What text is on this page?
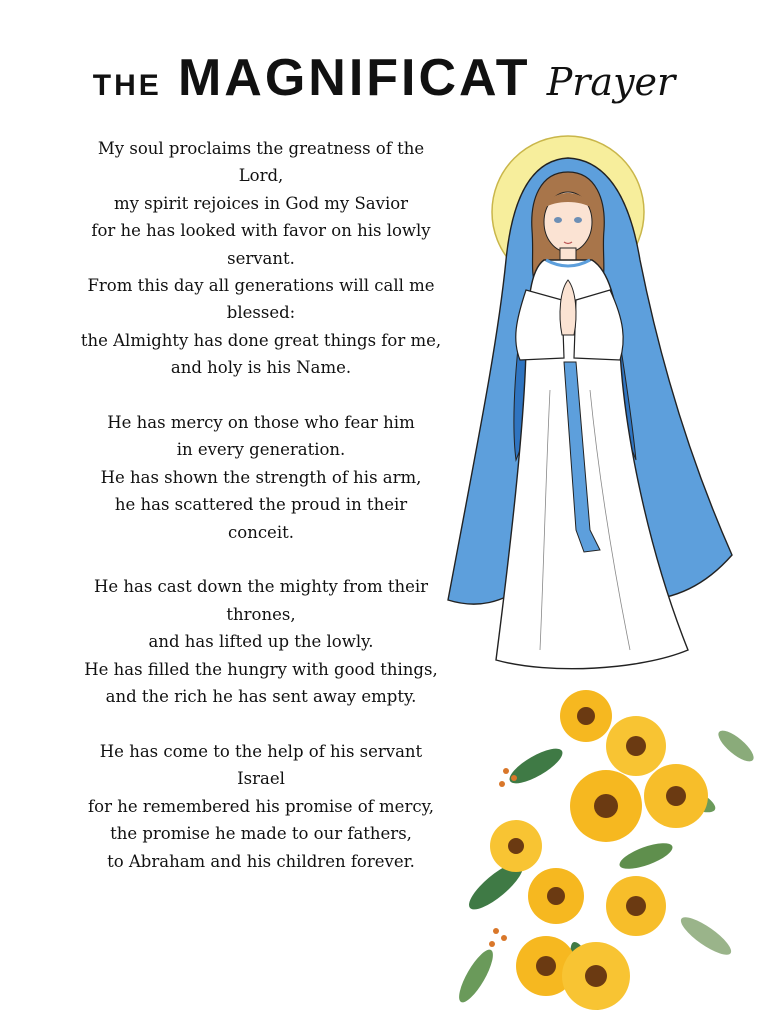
THE MAGNIFICAT Prayer

My soul proclaims the greatness of the Lord,

my spirit rejoices in God my Savior

for he has looked with favor on his lowly servant.

From this day all generations will call me blessed:

the Almighty has done great things for me,

and holy is his Name.

He has mercy on those who fear him

in every generation.

He has shown the strength of his arm,

he has scattered the proud in their conceit.

He has cast down the mighty from their thrones,

and has lifted up the lowly.

He has filled the hungry with good things,

and the rich he has sent away empty.

He has come to the help of his servant Israel

for he remembered his promise of mercy,

the promise he made to our fathers,

to Abraham and his children forever.
